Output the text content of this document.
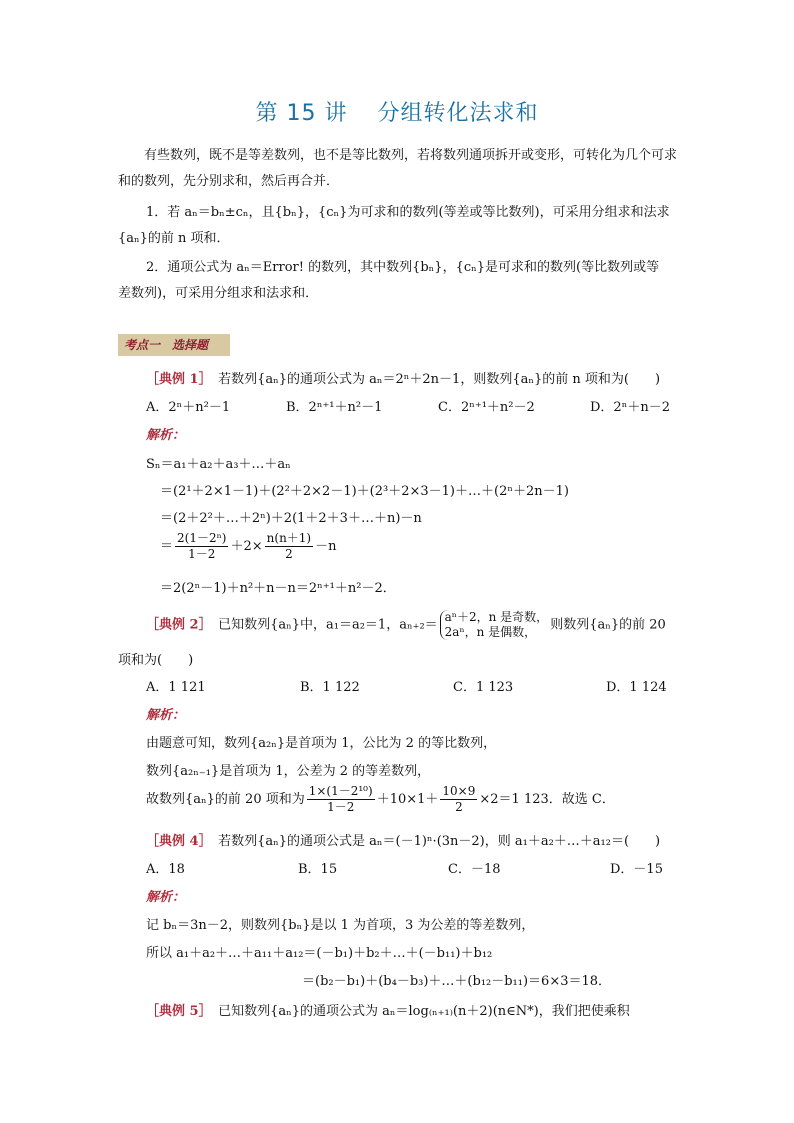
第 15 讲 分组转化法求和
有些数列，既不是等差数列，也不是等比数列，若将数列通项拆开或变形，可转化为几个可求和的数列，先分别求和，然后再合并．
1．若 aₙ＝bₙ±cₙ，且{bₙ}，{cₙ}为可求和的数列(等差或等比数列)，可采用分组求和法求
{aₙ}的前 n 项和．
2．通项公式为 aₙ＝Error! 的数列，其中数列{bₙ}，{cₙ}是可求和的数列(等比数列或等
差数列)，可采用分组求和法求和．
考点一　选择题
［典例 1］　 若数列{aₙ}的通项公式为 aₙ＝2ⁿ＋2n－1，则数列{aₙ}的前 n 项和为(　　)
A．2ⁿ＋n²－1	B．2ⁿ⁺¹＋n²－1	C．2ⁿ⁺¹＋n²－2	D．2ⁿ＋n－2
解析：
Sₙ＝a₁＋a₂＋a₃＋…＋aₙ
＝(2¹＋2×1－1)＋(2²＋2×2－1)＋(2³＋2×3－1)＋…＋(2ⁿ＋2n－1)
＝(2＋2²＋…＋2ⁿ)＋2(1＋2＋3＋…＋n)－n
＝ $\frac{\text{2(1－2ⁿ)}}{1-2} +2\times \frac{n(n+1)}{2} -n$
＝2(2ⁿ－1)＋n²＋n－n＝2ⁿ⁺¹＋n²－2．
［典例 2］　 已知数列{aₙ}中，a₁＝a₂＝1，aₙ₊₂＝
aⁿ＋2，n 是奇数，
2aⁿ，n 是偶数，	则数列{aₙ}的前 20
项和为(　　)
A．1 121	B．1 122	C．1 123	D．1 124
解析：
由题意可知，数列{a₂ₙ}是首项为 1，公比为 2 的等比数列，
数列{a₂ₙ₋₁}是首项为 1，公差为 2 的等差数列，
故数列{aₙ}的前 20 项和为 $\frac{\text{1×(1－2¹⁰)}}{1-2} +10\times 1+ \frac{10\times 9}{2} \times 2=1$ 123．故选 C．
［典例 4］　 若数列{aₙ}的通项公式是 aₙ＝(－1)ⁿ·(3n－2)，则 a₁＋a₂＋…＋a₁₂＝(　　)
A．18	B．15	C．－18	D．－15
解析：
记 bₙ＝3n－2，则数列{bₙ}是以 1 为首项，3 为公差的等差数列，
所以 a₁＋a₂＋…＋a₁₁＋a₁₂＝(－b₁)＋b₂＋…＋(－b₁₁)＋b₁₂
＝(b₂－b₁)＋(b₄－b₃)＋…＋(b₁₂－b₁₁)＝6×3＝18．
［典例 5］　 已知数列{aₙ}的通项公式为 aₙ＝log₍ₙ₊₁₎(n＋2)(n∈N*)，我们把使乘积
